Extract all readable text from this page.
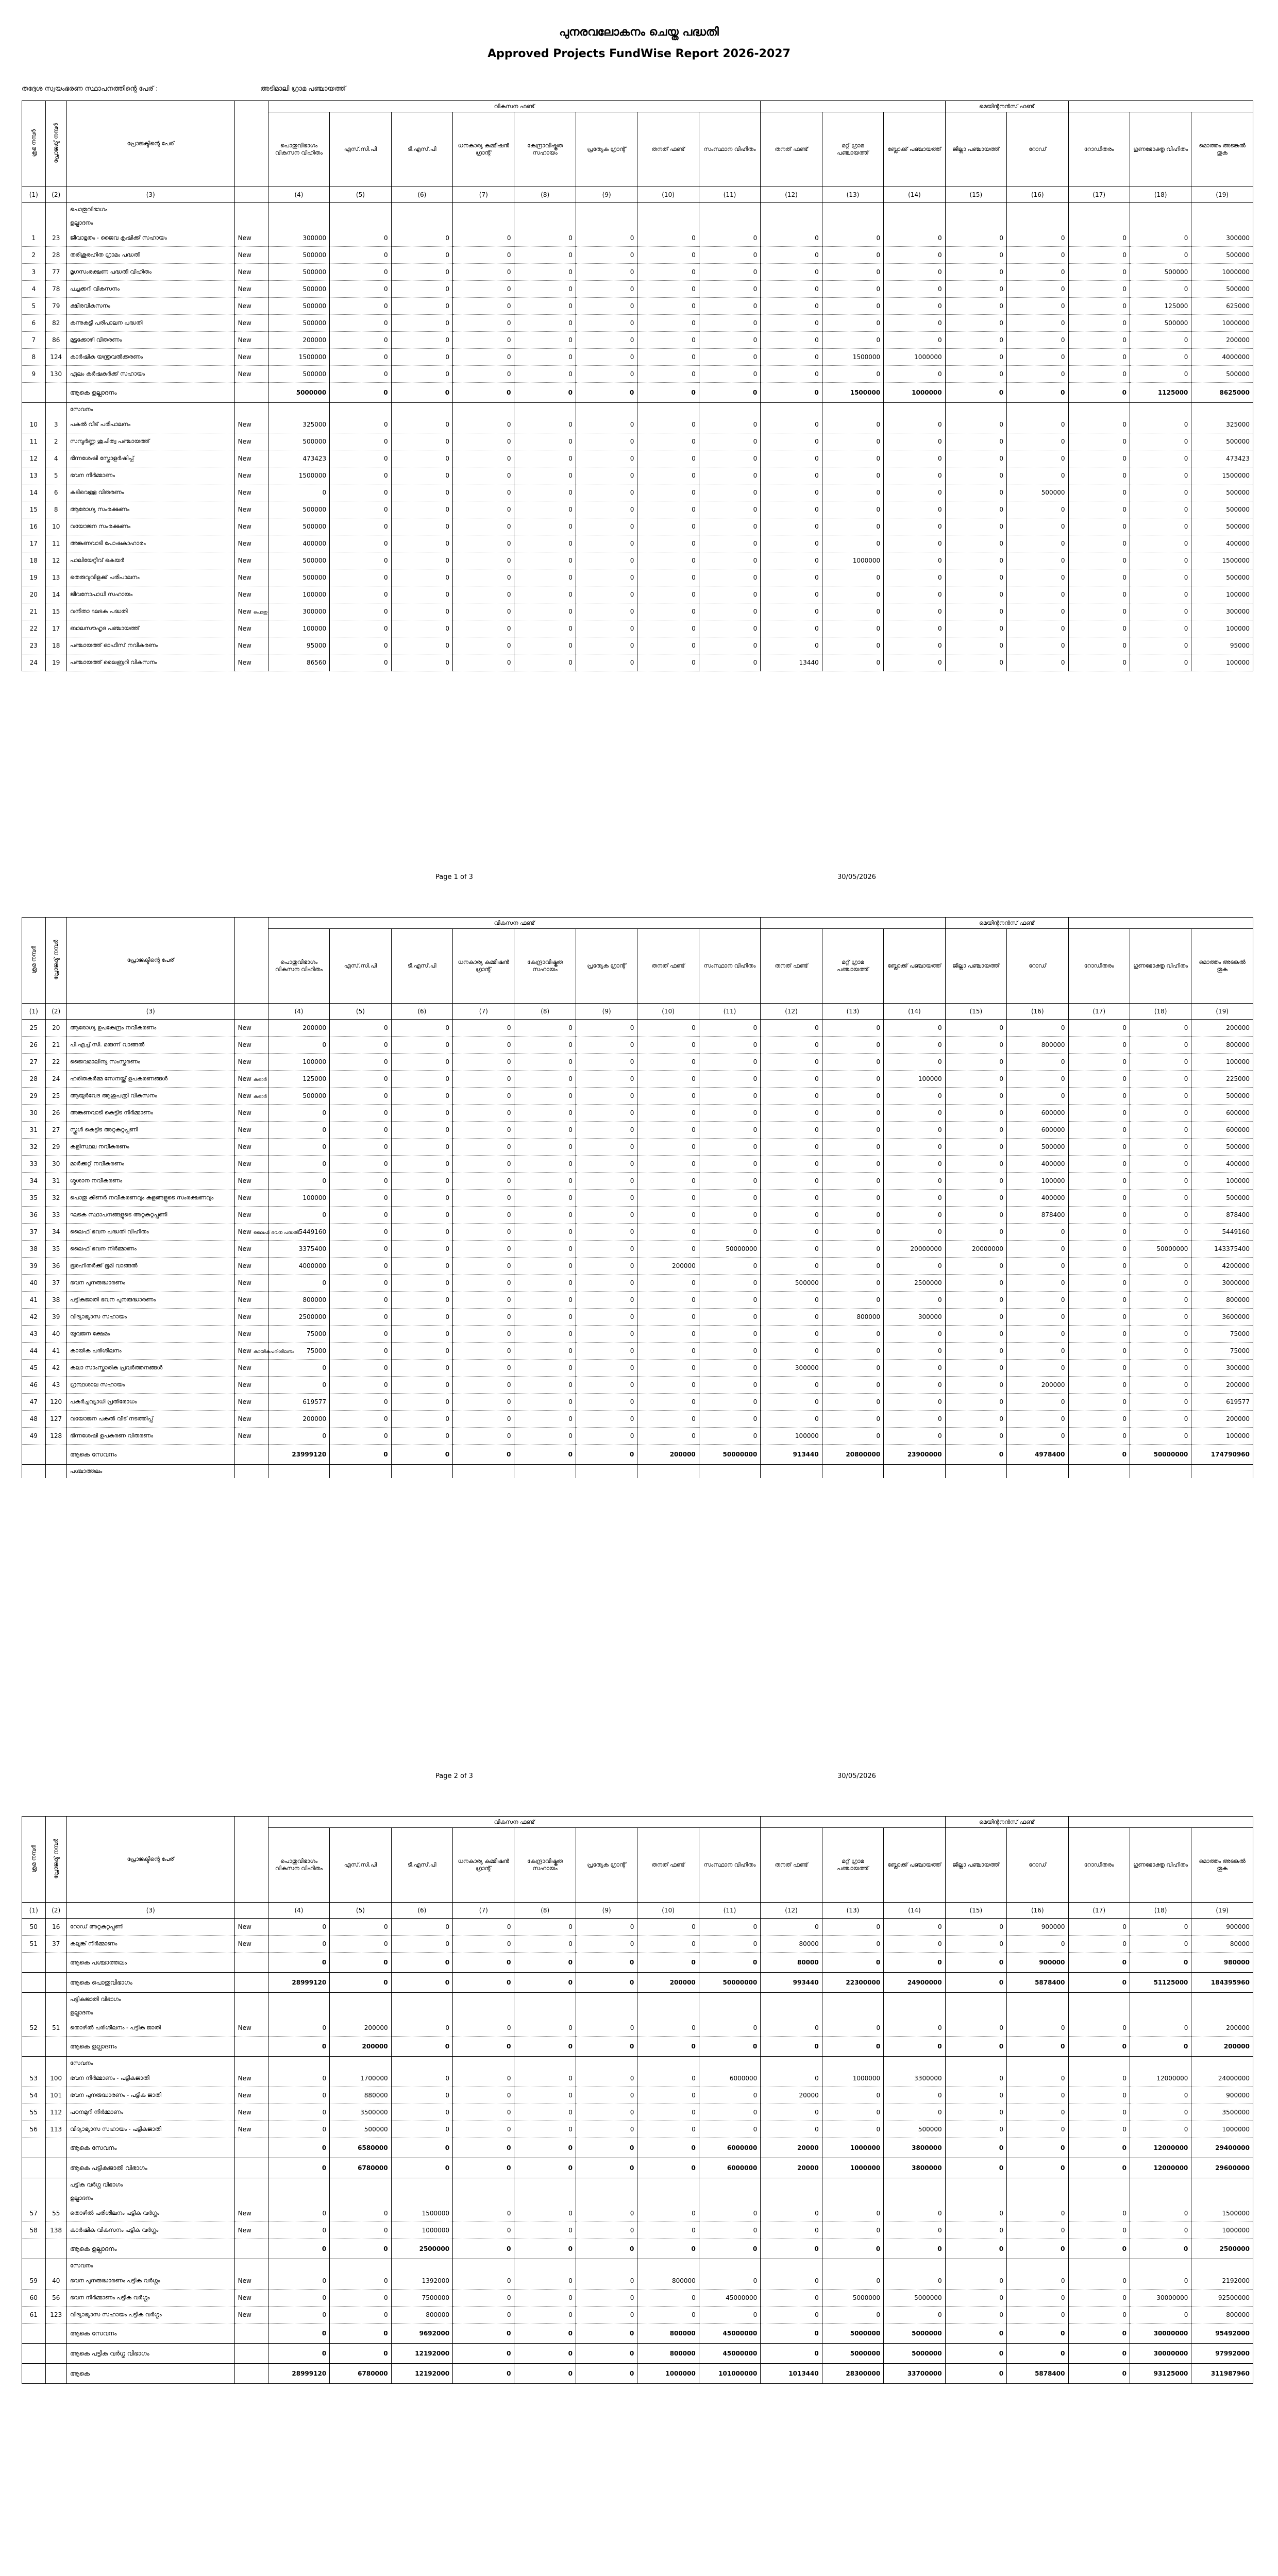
പുനരവലോകനം ചെയ്ത പദ്ധതി
Approved Projects FundWise Report 2026-2027
തദ്ദേശ സ്വയംഭരണ സ്ഥാപനത്തിന്റെ പേര് :	അടിമാലി ഗ്രാമ പഞ്ചായത്ത്
ക്രമ നമ്പർ	പ്രോജക്ട് നമ്പർ	പ്രോജക്ടിന്റെ പേര്		വികസന ഫണ്ട്											മെയിന്റനൻസ് ഫണ്ട്				
				പൊതുവിഭാഗം വികസന വിഹിതം	എസ്.സി.പി	ടി.എസ്.പി	ധനകാര്യ കമ്മീഷൻ ഗ്രാന്റ്	കേന്ദ്രാവിഷ്കൃത സഹായം	പ്രത്യേക ഗ്രാന്റ്	തനത് ഫണ്ട്	സംസ്ഥാന വിഹിതം	തനത് ഫണ്ട്	മറ്റ് ഗ്രാമ പഞ്ചായത്ത്	ബ്ലോക്ക് പഞ്ചായത്ത്	ജില്ലാ പഞ്ചായത്ത്	റോഡ്	റോഡിതരം	ഗുണഭോക്തൃ വിഹിതം	മൊത്തം അടങ്കൽ തുക
(1)	(2)	(3)		(4)	(5)	(6)	(7)	(8)	(9)	(10)	(11)	(12)	(13)	(14)	(15)	(16)	(17)	(18)	(19)
		പൊതുവിഭാഗം																	
		ഉല്പാദനം																	
1	23	ജീവാമൃതം - ജൈവ കൃഷിക്ക് സഹായം	New	300000	0	0	0	0	0	0	0	0	0	0	0	0	0	0	300000
2	28	തരിശുരഹിത ഗ്രാമം പദ്ധതി	New	500000	0	0	0	0	0	0	0	0	0	0	0	0	0	0	500000
3	77	മൃഗസംരക്ഷണ പദ്ധതി വിഹിതം	New	500000	0	0	0	0	0	0	0	0	0	0	0	0	0	500000	1000000
4	78	പച്ചക്കറി വികസനം	New	500000	0	0	0	0	0	0	0	0	0	0	0	0	0	0	500000
5	79	ക്ഷീരവികസനം	New	500000	0	0	0	0	0	0	0	0	0	0	0	0	0	125000	625000
6	82	കന്നുകുട്ടി പരിപാലന പദ്ധതി	New	500000	0	0	0	0	0	0	0	0	0	0	0	0	0	500000	1000000
7	86	മുട്ടക്കോഴി വിതരണം	New	200000	0	0	0	0	0	0	0	0	0	0	0	0	0	0	200000
8	124	കാർഷിക യന്ത്രവൽക്കരണം	New	1500000	0	0	0	0	0	0	0	0	1500000	1000000	0	0	0	0	4000000
9	130	ഏലം കർഷകർക്ക് സഹായം	New	500000	0	0	0	0	0	0	0	0	0	0	0	0	0	0	500000
		ആകെ ഉല്പാദനം		5000000	0	0	0	0	0	0	0	0	1500000	1000000	0	0	0	1125000	8625000
		സേവനം																	
10	3	പകൽ വീട് പരിപാലനം	New	325000	0	0	0	0	0	0	0	0	0	0	0	0	0	0	325000
11	2	സമ്പൂർണ്ണ ശുചിത്വ പഞ്ചായത്ത്	New	500000	0	0	0	0	0	0	0	0	0	0	0	0	0	0	500000
12	4	ഭിന്നശേഷി സ്കോളർഷിപ്പ്	New	473423	0	0	0	0	0	0	0	0	0	0	0	0	0	0	473423
13	5	ഭവന നിർമ്മാണം	New	1500000	0	0	0	0	0	0	0	0	0	0	0	0	0	0	1500000
14	6	കുടിവെള്ള വിതരണം	New	0	0	0	0	0	0	0	0	0	0	0	0	500000	0	0	500000
15	8	ആരോഗ്യ സംരക്ഷണം	New	500000	0	0	0	0	0	0	0	0	0	0	0	0	0	0	500000
16	10	വയോജന സംരക്ഷണം	New	500000	0	0	0	0	0	0	0	0	0	0	0	0	0	0	500000
17	11	അങ്കണവാടി പോഷകാഹാരം	New	400000	0	0	0	0	0	0	0	0	0	0	0	0	0	0	400000
18	12	പാലിയേറ്റീവ് കെയർ	New	500000	0	0	0	0	0	0	0	0	1000000	0	0	0	0	0	1500000
19	13	തെരുവുവിളക്ക് പരിപാലനം	New	500000	0	0	0	0	0	0	0	0	0	0	0	0	0	0	500000
20	14	ജീവനോപാധി സഹായം	New	100000	0	0	0	0	0	0	0	0	0	0	0	0	0	0	100000
21	15	വനിതാ ഘടക പദ്ധതി	New പൊതു	300000	0	0	0	0	0	0	0	0	0	0	0	0	0	0	300000
22	17	ബാലസൗഹൃദ പഞ്ചായത്ത്	New	100000	0	0	0	0	0	0	0	0	0	0	0	0	0	0	100000
23	18	പഞ്ചായത്ത് ഓഫീസ് നവീകരണം	New	95000	0	0	0	0	0	0	0	0	0	0	0	0	0	0	95000
24	19	പഞ്ചായത്ത് ലൈബ്രറി വികസനം	New	86560	0	0	0	0	0	0	0	13440	0	0	0	0	0	0	100000
Page 1 of 3	30/05/2026
ക്രമ നമ്പർ	പ്രോജക്ട് നമ്പർ	പ്രോജക്ടിന്റെ പേര്		വികസന ഫണ്ട്											മെയിന്റനൻസ് ഫണ്ട്				
				പൊതുവിഭാഗം വികസന വിഹിതം	എസ്.സി.പി	ടി.എസ്.പി	ധനകാര്യ കമ്മീഷൻ ഗ്രാന്റ്	കേന്ദ്രാവിഷ്കൃത സഹായം	പ്രത്യേക ഗ്രാന്റ്	തനത് ഫണ്ട്	സംസ്ഥാന വിഹിതം	തനത് ഫണ്ട്	മറ്റ് ഗ്രാമ പഞ്ചായത്ത്	ബ്ലോക്ക് പഞ്ചായത്ത്	ജില്ലാ പഞ്ചായത്ത്	റോഡ്	റോഡിതരം	ഗുണഭോക്തൃ വിഹിതം	മൊത്തം അടങ്കൽ തുക
(1)	(2)	(3)		(4)	(5)	(6)	(7)	(8)	(9)	(10)	(11)	(12)	(13)	(14)	(15)	(16)	(17)	(18)	(19)
25	20	ആരോഗ്യ ഉപകേന്ദ്രം നവീകരണം	New	200000	0	0	0	0	0	0	0	0	0	0	0	0	0	0	200000
26	21	പി.എച്ച്.സി. മരുന്ന് വാങ്ങൽ	New	0	0	0	0	0	0	0	0	0	0	0	0	800000	0	0	800000
27	22	ജൈവമാലിന്യ സംസ്കരണം	New	100000	0	0	0	0	0	0	0	0	0	0	0	0	0	0	100000
28	24	ഹരിതകർമ്മ സേനയ്ക്ക് ഉപകരണങ്ങൾ	New കരാർ	125000	0	0	0	0	0	0	0	0	0	100000	0	0	0	0	225000
29	25	ആയുർവേദ ആശുപത്രി വികസനം	New കരാർ	500000	0	0	0	0	0	0	0	0	0	0	0	0	0	0	500000
30	26	അങ്കണവാടി കെട്ടിട നിർമ്മാണം	New	0	0	0	0	0	0	0	0	0	0	0	0	600000	0	0	600000
31	27	സ്കൂൾ കെട്ടിട അറ്റകുറ്റപ്പണി	New	0	0	0	0	0	0	0	0	0	0	0	0	600000	0	0	600000
32	29	കളിസ്ഥല നവീകരണം	New	0	0	0	0	0	0	0	0	0	0	0	0	500000	0	0	500000
33	30	മാർക്കറ്റ് നവീകരണം	New	0	0	0	0	0	0	0	0	0	0	0	0	400000	0	0	400000
34	31	ശ്മശാന നവീകരണം	New	0	0	0	0	0	0	0	0	0	0	0	0	100000	0	0	100000
35	32	പൊതു കിണർ നവീകരണവും കുളങ്ങളുടെ സംരക്ഷണവും	New	100000	0	0	0	0	0	0	0	0	0	0	0	400000	0	0	500000
36	33	ഘടക സ്ഥാപനങ്ങളുടെ അറ്റകുറ്റപ്പണി	New	0	0	0	0	0	0	0	0	0	0	0	0	878400	0	0	878400
37	34	ലൈഫ് ഭവന പദ്ധതി വിഹിതം	New ലൈഫ് ഭവന പദ്ധതി	5449160	0	0	0	0	0	0	0	0	0	0	0	0	0	0	5449160
38	35	ലൈഫ് ഭവന നിർമ്മാണം	New	3375400	0	0	0	0	0	0	50000000	0	0	20000000	20000000	0	0	50000000	143375400
39	36	ഭൂരഹിതർക്ക് ഭൂമി വാങ്ങൽ	New	4000000	0	0	0	0	0	200000	0	0	0	0	0	0	0	0	4200000
40	37	ഭവന പുനരുദ്ധാരണം	New	0	0	0	0	0	0	0	0	500000	0	2500000	0	0	0	0	3000000
41	38	പട്ടികജാതി ഭവന പുനരുദ്ധാരണം	New	800000	0	0	0	0	0	0	0	0	0	0	0	0	0	0	800000
42	39	വിദ്യാഭ്യാസ സഹായം	New	2500000	0	0	0	0	0	0	0	0	800000	300000	0	0	0	0	3600000
43	40	യുവജന ക്ഷേമം	New	75000	0	0	0	0	0	0	0	0	0	0	0	0	0	0	75000
44	41	കായിക പരിശീലനം	New കായികപരിശീലനം	75000	0	0	0	0	0	0	0	0	0	0	0	0	0	0	75000
45	42	കലാ സാംസ്കാരിക പ്രവർത്തനങ്ങൾ	New	0	0	0	0	0	0	0	0	300000	0	0	0	0	0	0	300000
46	43	ഗ്രന്ഥശാല സഹായം	New	0	0	0	0	0	0	0	0	0	0	0	0	200000	0	0	200000
47	120	പകർച്ചവ്യാധി പ്രതിരോധം	New	619577	0	0	0	0	0	0	0	0	0	0	0	0	0	0	619577
48	127	വയോജന പകൽ വീട് നടത്തിപ്പ്	New	200000	0	0	0	0	0	0	0	0	0	0	0	0	0	0	200000
49	128	ഭിന്നശേഷി ഉപകരണ വിതരണം	New	0	0	0	0	0	0	0	0	100000	0	0	0	0	0	0	100000
		ആകെ സേവനം		23999120	0	0	0	0	0	200000	50000000	913440	20800000	23900000	0	4978400	0	50000000	174790960
		പശ്ചാത്തലം																	
Page 2 of 3	30/05/2026
ക്രമ നമ്പർ	പ്രോജക്ട് നമ്പർ	പ്രോജക്ടിന്റെ പേര്		വികസന ഫണ്ട്											മെയിന്റനൻസ് ഫണ്ട്				
				പൊതുവിഭാഗം വികസന വിഹിതം	എസ്.സി.പി	ടി.എസ്.പി	ധനകാര്യ കമ്മീഷൻ ഗ്രാന്റ്	കേന്ദ്രാവിഷ്കൃത സഹായം	പ്രത്യേക ഗ്രാന്റ്	തനത് ഫണ്ട്	സംസ്ഥാന വിഹിതം	തനത് ഫണ്ട്	മറ്റ് ഗ്രാമ പഞ്ചായത്ത്	ബ്ലോക്ക് പഞ്ചായത്ത്	ജില്ലാ പഞ്ചായത്ത്	റോഡ്	റോഡിതരം	ഗുണഭോക്തൃ വിഹിതം	മൊത്തം അടങ്കൽ തുക
(1)	(2)	(3)		(4)	(5)	(6)	(7)	(8)	(9)	(10)	(11)	(12)	(13)	(14)	(15)	(16)	(17)	(18)	(19)
50	16	റോഡ് അറ്റകുറ്റപ്പണി	New	0	0	0	0	0	0	0	0	0	0	0	0	900000	0	0	900000
51	37	കലുങ്ക് നിർമ്മാണം	New	0	0	0	0	0	0	0	0	80000	0	0	0	0	0	0	80000
		ആകെ പശ്ചാത്തലം		0	0	0	0	0	0	0	0	80000	0	0	0	900000	0	0	980000
		ആകെ പൊതുവിഭാഗം		28999120	0	0	0	0	0	200000	50000000	993440	22300000	24900000	0	5878400	0	51125000	184395960
		പട്ടികജാതി വിഭാഗം																	
		ഉല്പാദനം																	
52	51	തൊഴിൽ പരിശീലനം - പട്ടിക ജാതി	New	0	200000	0	0	0	0	0	0	0	0	0	0	0	0	0	200000
		ആകെ ഉല്പാദനം		0	200000	0	0	0	0	0	0	0	0	0	0	0	0	0	200000
		സേവനം																	
53	100	ഭവന നിർമ്മാണം - പട്ടികജാതി	New	0	1700000	0	0	0	0	0	6000000	0	1000000	3300000	0	0	0	12000000	24000000
54	101	ഭവന പുനരുദ്ധാരണം - പട്ടിക ജാതി	New	0	880000	0	0	0	0	0	0	20000	0	0	0	0	0	0	900000
55	112	പഠനമുറി നിർമ്മാണം	New	0	3500000	0	0	0	0	0	0	0	0	0	0	0	0	0	3500000
56	113	വിദ്യാഭ്യാസ സഹായം - പട്ടികജാതി	New	0	500000	0	0	0	0	0	0	0	0	500000	0	0	0	0	1000000
		ആകെ സേവനം		0	6580000	0	0	0	0	0	6000000	20000	1000000	3800000	0	0	0	12000000	29400000
		ആകെ പട്ടികജാതി വിഭാഗം		0	6780000	0	0	0	0	0	6000000	20000	1000000	3800000	0	0	0	12000000	29600000
		പട്ടിക വർഗ്ഗ വിഭാഗം																	
		ഉല്പാദനം																	
57	55	തൊഴിൽ പരിശീലനം പട്ടിക വർഗ്ഗം	New	0	0	1500000	0	0	0	0	0	0	0	0	0	0	0	0	1500000
58	138	കാർഷിക വികസനം പട്ടിക വർഗ്ഗം	New	0	0	1000000	0	0	0	0	0	0	0	0	0	0	0	0	1000000
		ആകെ ഉല്പാദനം		0	0	2500000	0	0	0	0	0	0	0	0	0	0	0	0	2500000
		സേവനം																	
59	40	ഭവന പുനരുദ്ധാരണം പട്ടിക വർഗ്ഗം	New	0	0	1392000	0	0	0	800000	0	0	0	0	0	0	0	0	2192000
60	56	ഭവന നിർമ്മാണം പട്ടിക വർഗ്ഗം	New	0	0	7500000	0	0	0	0	45000000	0	5000000	5000000	0	0	0	30000000	92500000
61	123	വിദ്യാഭ്യാസ സഹായം പട്ടിക വർഗ്ഗം	New	0	0	800000	0	0	0	0	0	0	0	0	0	0	0	0	800000
		ആകെ സേവനം		0	0	9692000	0	0	0	800000	45000000	0	5000000	5000000	0	0	0	30000000	95492000
		ആകെ പട്ടിക വർഗ്ഗ വിഭാഗം		0	0	12192000	0	0	0	800000	45000000	0	5000000	5000000	0	0	0	30000000	97992000
		ആകെ		28999120	6780000	12192000	0	0	0	1000000	101000000	1013440	28300000	33700000	0	5878400	0	93125000	311987960
